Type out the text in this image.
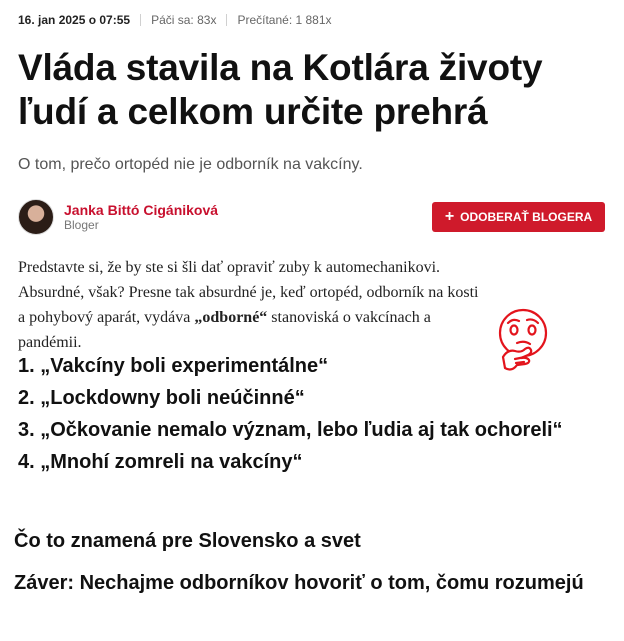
16. jan 2025 o 07:55 Páči sa: 83x Prečítané: 1 881x
Vláda stavila na Kotlára životy ľudí a celkom určite prehrá

O tom, prečo ortopéd nie je odborník na vakcíny.

Janka Bittó Cigániková
Bloger	+ ODOBERAŤ BLOGERA

Predstavte si, že by ste si šli dať opraviť zuby k automechanikovi. Absurdné, však? Presne tak absurdné je, keď ortopéd, odborník na kosti a pohybový aparát, vydáva „odborné“ stanoviská o vakcínach a pandémii.

1. „Vakcíny boli experimentálne“
2. „Lockdowny boli neúčinné“
3. „Očkovanie nemalo význam, lebo ľudia aj tak ochoreli“
4. „Mnohí zomreli na vakcíny“
Čo to znamená pre Slovensko a svet
Záver: Nechajme odborníkov hovoriť o tom, čomu rozumejú
